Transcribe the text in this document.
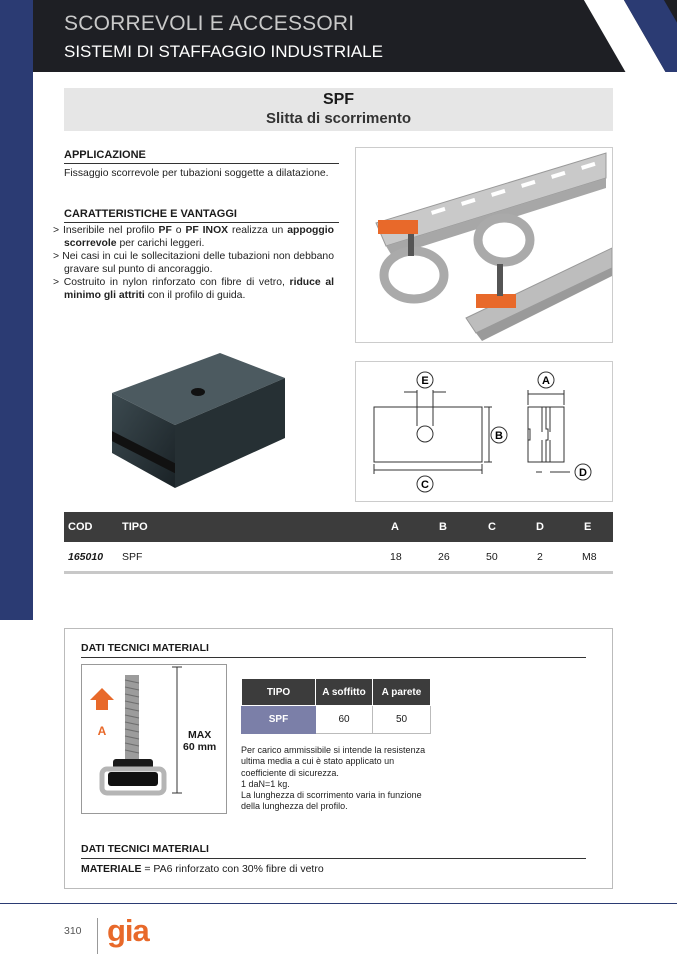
SCORREVOLI E ACCESSORI
SISTEMI DI STAFFAGGIO INDUSTRIALE
SPF
Slitta di scorrimento
APPLICAZIONE
Fissaggio scorrevole per tubazioni soggette a dilatazione.
CARATTERISTICHE E VANTAGGI
> Inseribile nel profilo PF o PF INOX realizza un appoggio scorrevole per carichi leggeri.
> Nei casi in cui le sollecitazioni delle tubazioni non debbano gravare sul punto di ancoraggio.
> Costruito in nylon rinforzato con fibre di vetro, riduce al minimo gli attriti con il profilo di guida.
E
B
C
A
D
COD	TIPO	A	B	C	D	E
165010 SPF	18	26	50	2	M8
DATI TECNICI MATERIALI
A	MAX
60 mm
TIPO	A soffitto	A parete
SPF	60	50
Per carico ammissibile si intende la resistenza
ultima media a cui è stato applicato un
coefficiente di sicurezza.
1 daN=1 kg.
La lunghezza di scorrimento varia in funzione
della lunghezza del profilo.
DATI TECNICI MATERIALI
MATERIALE = PA6 rinforzato con 30% fibre di vetro
310 gia
